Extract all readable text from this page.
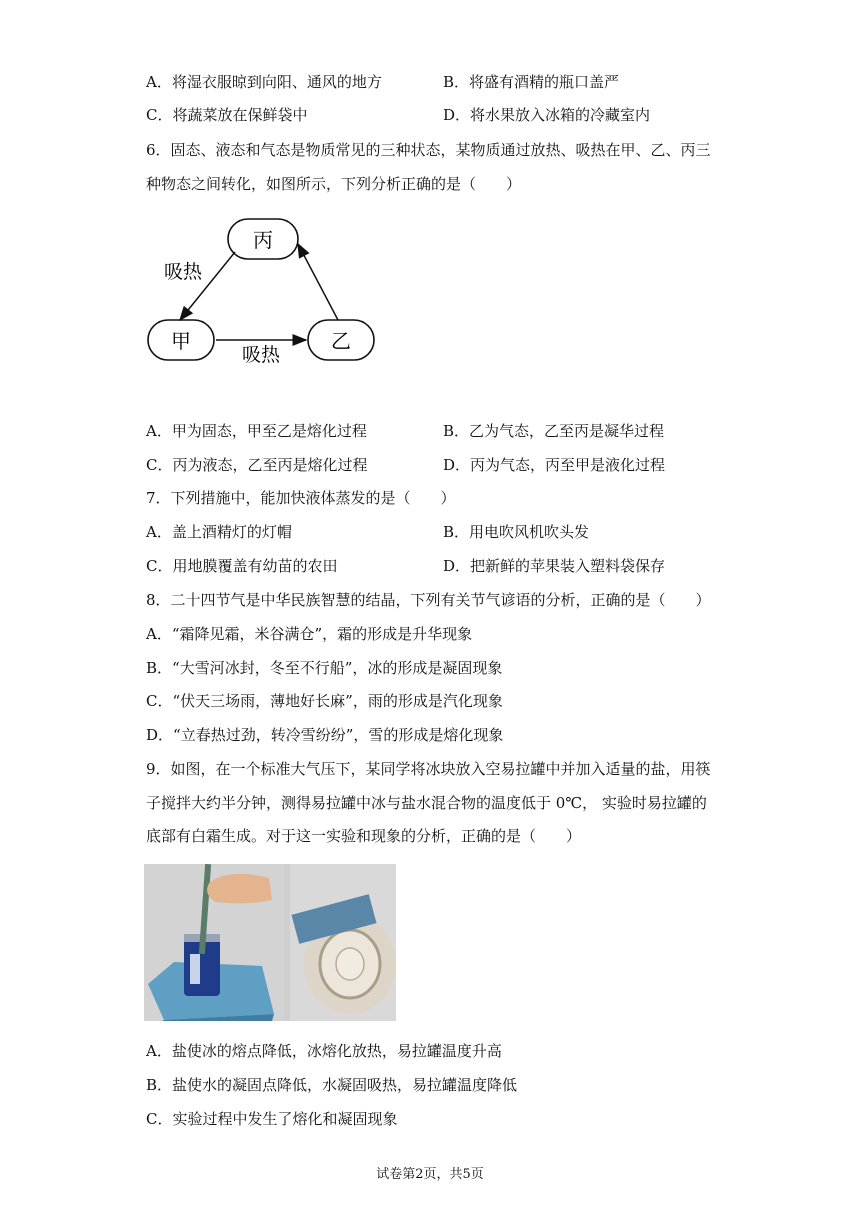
A．将湿衣服晾到向阳、通风的地方	B．将盛有酒精的瓶口盖严
C．将蔬菜放在保鲜袋中	D．将水果放入冰箱的冷藏室内
6．固态、液态和气态是物质常见的三种状态，某物质通过放热、吸热在甲、乙、丙三
种物态之间转化，如图所示，下列分析正确的是（　　）
丙
甲	乙
吸热
吸热
A．甲为固态，甲至乙是熔化过程	B．乙为气态，乙至丙是凝华过程
C．丙为液态，乙至丙是熔化过程	D．丙为气态，丙至甲是液化过程
7．下列措施中，能加快液体蒸发的是（　　）
A．盖上酒精灯的灯帽	B．用电吹风机吹头发
C．用地膜覆盖有幼苗的农田	D．把新鲜的苹果装入塑料袋保存
8．二十四节气是中华民族智慧的结晶，下列有关节气谚语的分析，正确的是（　　）
A．“霜降见霜，米谷满仓”，霜的形成是升华现象
B．“大雪河冰封，冬至不行船”，冰的形成是凝固现象
C．“伏天三场雨，薄地好长麻”，雨的形成是汽化现象
D．“立春热过劲，转冷雪纷纷”，雪的形成是熔化现象
9．如图，在一个标准大气压下，某同学将冰块放入空易拉罐中并加入适量的盐，用筷
子搅拌大约半分钟，测得易拉罐中冰与盐水混合物的温度低于 0℃， 实验时易拉罐的
底部有白霜生成。对于这一实验和现象的分析，正确的是（　　）
A．盐使冰的熔点降低，冰熔化放热，易拉罐温度升高
B．盐使水的凝固点降低，水凝固吸热，易拉罐温度降低
C．实验过程中发生了熔化和凝固现象
试卷第2页，共5页
